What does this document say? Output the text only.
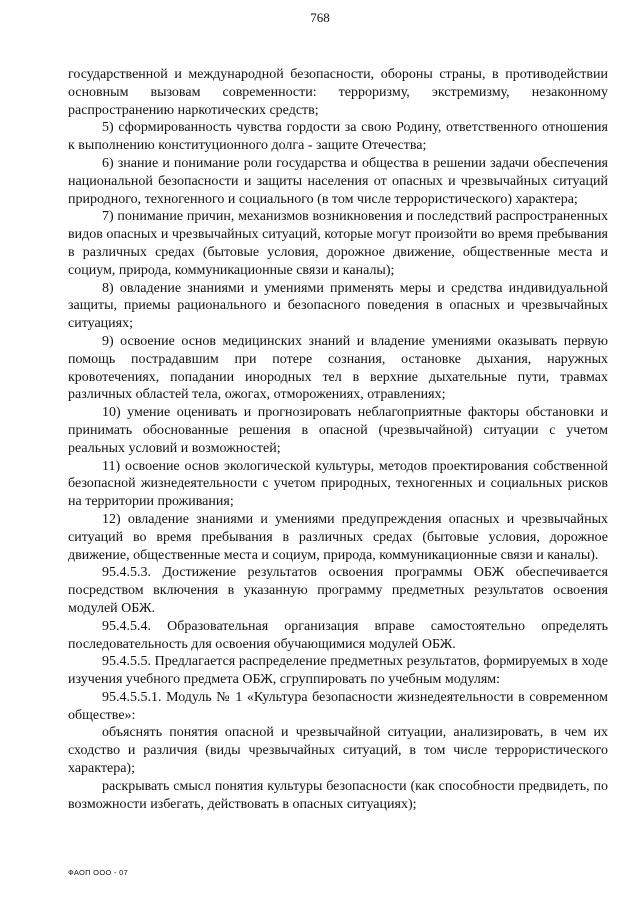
768

государственной и международной безопасности, обороны страны, в противодействии основным вызовам современности: терроризму, экстремизму, незаконному распространению наркотических средств;

5) сформированность чувства гордости за свою Родину, ответственного отношения к выполнению конституционного долга - защите Отечества;

6) знание и понимание роли государства и общества в решении задачи обеспечения национальной безопасности и защиты населения от опасных и чрезвычайных ситуаций природного, техногенного и социального (в том числе террористического) характера;

7) понимание причин, механизмов возникновения и последствий распространенных видов опасных и чрезвычайных ситуаций, которые могут произойти во время пребывания в различных средах (бытовые условия, дорожное движение, общественные места и социум, природа, коммуникационные связи и каналы);

8) овладение знаниями и умениями применять меры и средства индивидуальной защиты, приемы рационального и безопасного поведения в опасных и чрезвычайных ситуациях;

9) освоение основ медицинских знаний и владение умениями оказывать первую помощь пострадавшим при потере сознания, остановке дыхания, наружных кровотечениях, попадании инородных тел в верхние дыхательные пути, травмах различных областей тела, ожогах, отморожениях, отравлениях;

10) умение оценивать и прогнозировать неблагоприятные факторы обстановки и принимать обоснованные решения в опасной (чрезвычайной) ситуации с учетом реальных условий и возможностей;

11) освоение основ экологической культуры, методов проектирования собственной безопасной жизнедеятельности с учетом природных, техногенных и социальных рисков на территории проживания;

12) овладение знаниями и умениями предупреждения опасных и чрезвычайных ситуаций во время пребывания в различных средах (бытовые условия, дорожное движение, общественные места и социум, природа, коммуникационные связи и каналы).

95.4.5.3. Достижение результатов освоения программы ОБЖ обеспечивается посредством включения в указанную программу предметных результатов освоения модулей ОБЖ.

95.4.5.4. Образовательная организация вправе самостоятельно определять последовательность для освоения обучающимися модулей ОБЖ.

95.4.5.5. Предлагается распределение предметных результатов, формируемых в ходе изучения учебного предмета ОБЖ, сгруппировать по учебным модулям:

95.4.5.5.1. Модуль № 1 «Культура безопасности жизнедеятельности в современном обществе»:

объяснять понятия опасной и чрезвычайной ситуации, анализировать, в чем их сходство и различия (виды чрезвычайных ситуаций, в том числе террористического характера);

раскрывать смысл понятия культуры безопасности (как способности предвидеть, по возможности избегать, действовать в опасных ситуациях);

ФАОП ООО - 07
